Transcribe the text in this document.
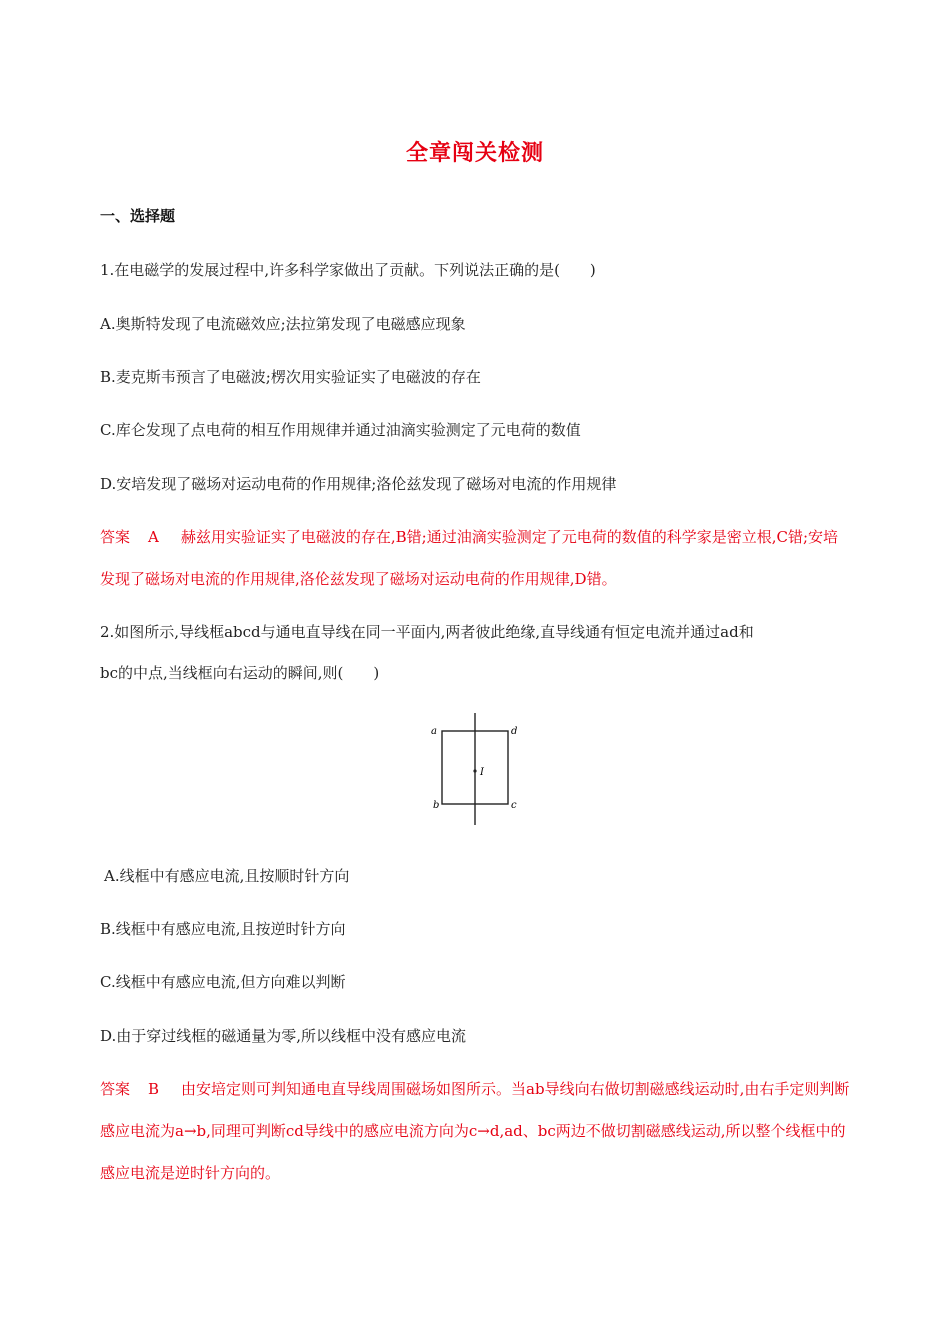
全章闯关检测
一、选择题
1.在电磁学的发展过程中,许多科学家做出了贡献。下列说法正确的是(　　)
A.奥斯特发现了电流磁效应;法拉第发现了电磁感应现象
B.麦克斯韦预言了电磁波;楞次用实验证实了电磁波的存在
C.库仑发现了点电荷的相互作用规律并通过油滴实验测定了元电荷的数值
D.安培发现了磁场对运动电荷的作用规律;洛伦兹发现了磁场对电流的作用规律
答案 A 赫兹用实验证实了电磁波的存在,B错;通过油滴实验测定了元电荷的数值的科学家是密立根,C错;安培发现了磁场对电流的作用规律,洛伦兹发现了磁场对运动电荷的作用规律,D错。
2.如图所示,导线框abcd与通电直导线在同一平面内,两者彼此绝缘,直导线通有恒定电流并通过ad和
bc的中点,当线框向右运动的瞬间,则(　　)
I
a	d
b	c
A.线框中有感应电流,且按顺时针方向
B.线框中有感应电流,且按逆时针方向
C.线框中有感应电流,但方向难以判断
D.由于穿过线框的磁通量为零,所以线框中没有感应电流
答案 B 由安培定则可判知通电直导线周围磁场如图所示。当ab导线向右做切割磁感线运动时,由右手定则判断感应电流为a→b,同理可判断cd导线中的感应电流方向为c→d,ad、bc两边不做切割磁感线运动,所以整个线框中的感应电流是逆时针方向的。
